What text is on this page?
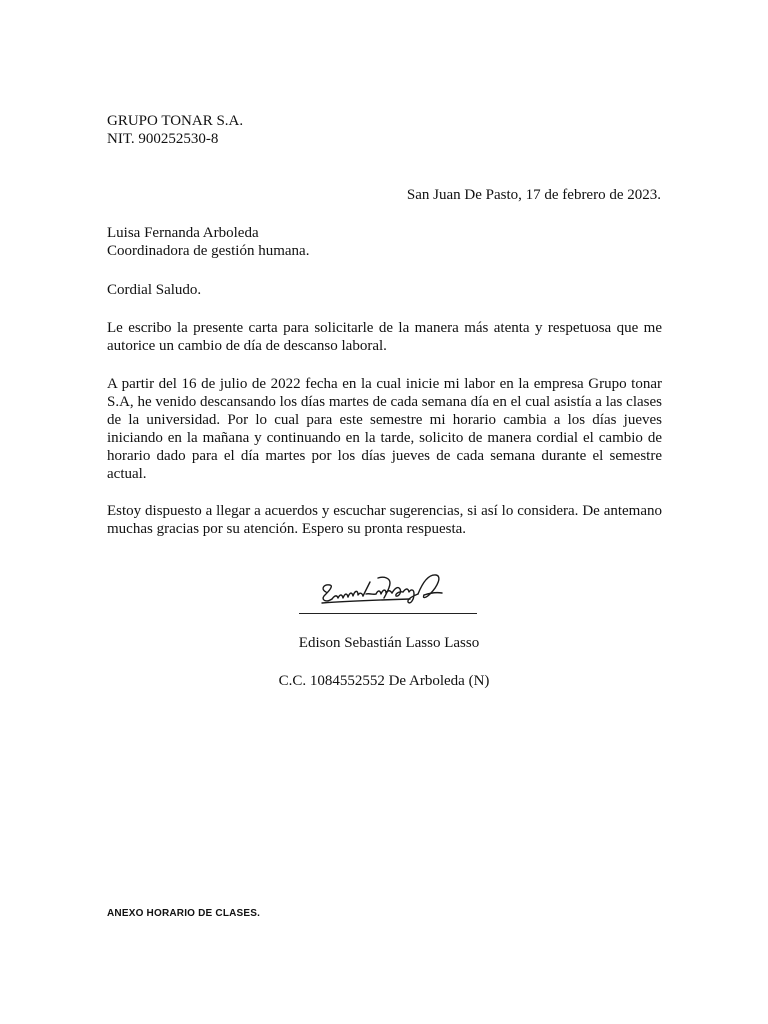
GRUPO TONAR S.A.
NIT. 900252530-8
San Juan De Pasto, 17 de febrero de 2023.
Luisa Fernanda Arboleda
Coordinadora de gestión humana.

Cordial Saludo.

Le escribo la presente carta para solicitarle de la manera más atenta y respetuosa que me autorice un cambio de día de descanso laboral.

A partir del 16 de julio de 2022 fecha en la cual inicie mi labor en la empresa Grupo tonar S.A, he venido descansando los días martes de cada semana día en el cual asistía a las clases de la universidad. Por lo cual para este semestre mi horario cambia a los días jueves iniciando en la mañana y continuando en la tarde, solicito de manera cordial el cambio de horario dado para el día martes por los días jueves de cada semana durante el semestre actual.

Estoy dispuesto a llegar a acuerdos y escuchar sugerencias, si así lo considera. De antemano muchas gracias por su atención. Espero su pronta respuesta.

Edison Sebastián Lasso Lasso
C.C. 1084552552 De Arboleda (N)
ANEXO HORARIO DE CLASES.
